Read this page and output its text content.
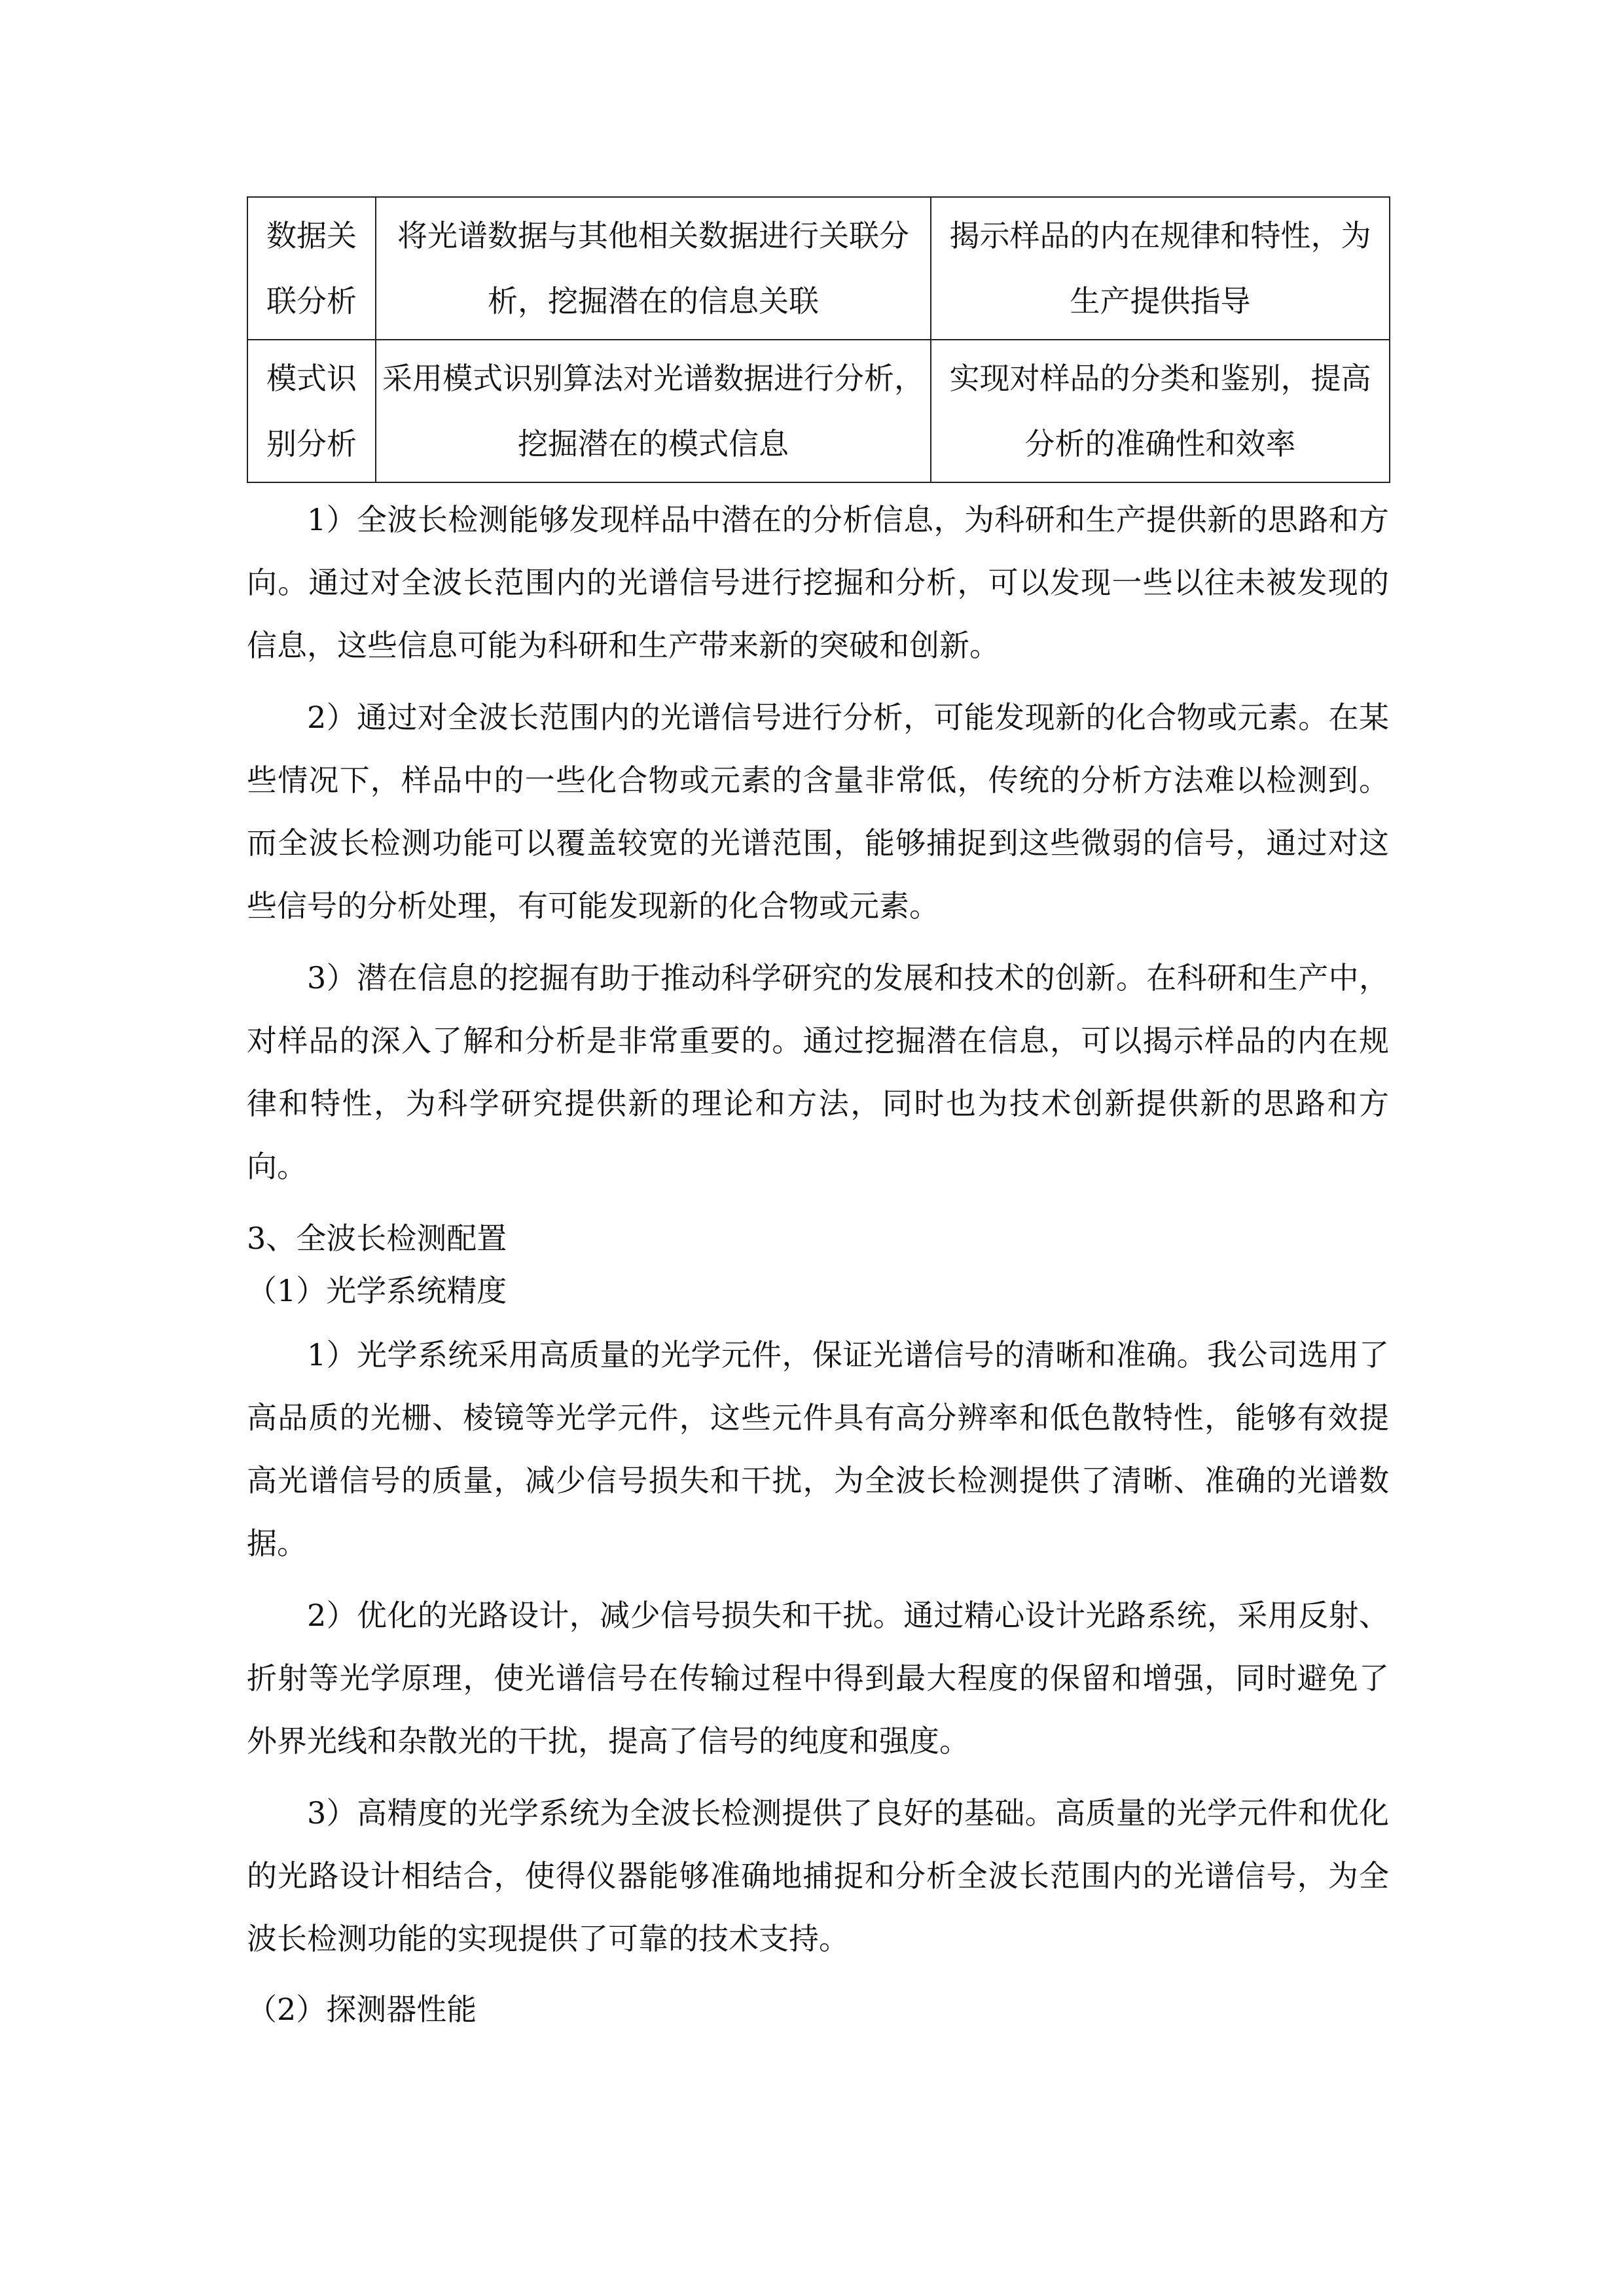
数据关联分析	将光谱数据与其他相关数据进行关联分析，挖掘潜在的信息关联	揭示样品的内在规律和特性，为生产提供指导
模式识别分析	采用模式识别算法对光谱数据进行分析，挖掘潜在的模式信息	实现对样品的分类和鉴别，提高分析的准确性和效率

1）全波长检测能够发现样品中潜在的分析信息，为科研和生产提供新的思路和方向。通过对全波长范围内的光谱信号进行挖掘和分析，可以发现一些以往未被发现的信息，这些信息可能为科研和生产带来新的突破和创新。

2）通过对全波长范围内的光谱信号进行分析，可能发现新的化合物或元素。在某些情况下，样品中的一些化合物或元素的含量非常低，传统的分析方法难以检测到。而全波长检测功能可以覆盖较宽的光谱范围，能够捕捉到这些微弱的信号，通过对这些信号的分析处理，有可能发现新的化合物或元素。

3）潜在信息的挖掘有助于推动科学研究的发展和技术的创新。在科研和生产中，对样品的深入了解和分析是非常重要的。通过挖掘潜在信息，可以揭示样品的内在规律和特性，为科学研究提供新的理论和方法，同时也为技术创新提供新的思路和方向。

3、全波长检测配置

（1）光学系统精度

1）光学系统采用高质量的光学元件，保证光谱信号的清晰和准确。我公司选用了高品质的光栅、棱镜等光学元件，这些元件具有高分辨率和低色散特性，能够有效提高光谱信号的质量，减少信号损失和干扰，为全波长检测提供了清晰、准确的光谱数据。

2）优化的光路设计，减少信号损失和干扰。通过精心设计光路系统，采用反射、折射等光学原理，使光谱信号在传输过程中得到最大程度的保留和增强，同时避免了外界光线和杂散光的干扰，提高了信号的纯度和强度。

3）高精度的光学系统为全波长检测提供了良好的基础。高质量的光学元件和优化的光路设计相结合，使得仪器能够准确地捕捉和分析全波长范围内的光谱信号，为全波长检测功能的实现提供了可靠的技术支持。

（2）探测器性能
